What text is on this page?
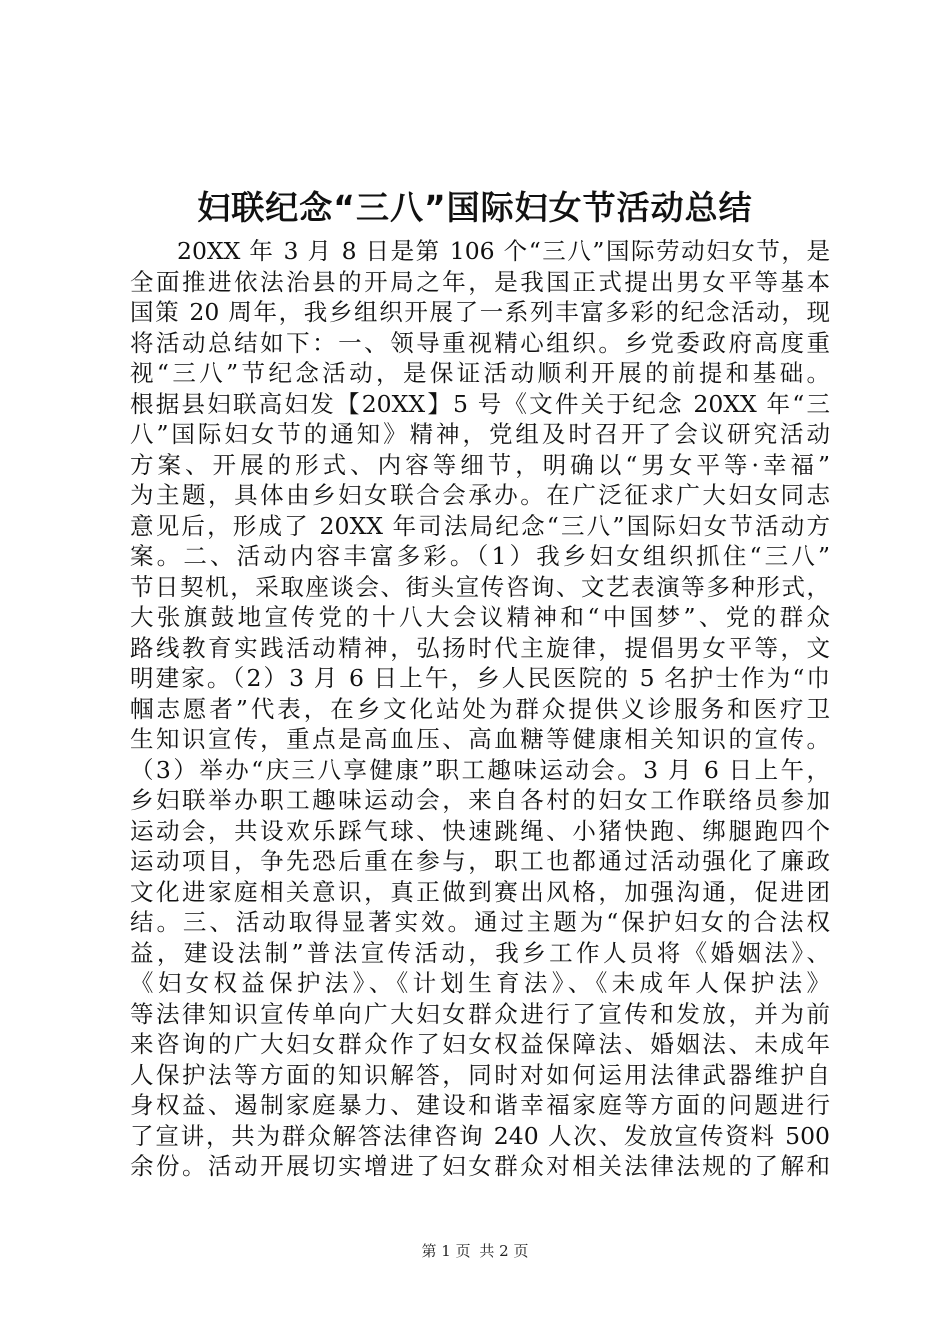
妇联纪念“三八”国际妇女节活动总结
20XX 年 3 月 8 日是第 106 个“三八”国际劳动妇女节，是
全面推进依法治县的开局之年，是我国正式提出男女平等基本
国策 20 周年，我乡组织开展了一系列丰富多彩的纪念活动，现
将活动总结如下：一、领导重视精心组织。乡党委政府高度重
视“三八”节纪念活动，是保证活动顺利开展的前提和基础。
根据县妇联高妇发【20XX】5 号《文件关于纪念 20XX 年“三
八”国际妇女节的通知》精神，党组及时召开了会议研究活动
方案、开展的形式、内容等细节，明确以“男女平等·幸福”
为主题，具体由乡妇女联合会承办。在广泛征求广大妇女同志
意见后，形成了 20XX 年司法局纪念“三八”国际妇女节活动方
案。二、活动内容丰富多彩。（1）我乡妇女组织抓住“三八”
节日契机，采取座谈会、街头宣传咨询、文艺表演等多种形式，
大张旗鼓地宣传党的十八大会议精神和“中国梦”、党的群众
路线教育实践活动精神，弘扬时代主旋律，提倡男女平等，文
明建家。（2）3 月 6 日上午，乡人民医院的 5 名护士作为“巾
帼志愿者”代表，在乡文化站处为群众提供义诊服务和医疗卫
生知识宣传，重点是高血压、高血糖等健康相关知识的宣传。
（3）举办“庆三八享健康”职工趣味运动会。3 月 6 日上午，
乡妇联举办职工趣味运动会，来自各村的妇女工作联络员参加
运动会，共设欢乐踩气球、快速跳绳、小猪快跑、绑腿跑四个
运动项目，争先恐后重在参与，职工也都通过活动强化了廉政
文化进家庭相关意识，真正做到赛出风格，加强沟通，促进团
结。三、活动取得显著实效。通过主题为“保护妇女的合法权
益，建设法制”普法宣传活动，我乡工作人员将《婚姻法》、
《妇女权益保护法》、《计划生育法》、《未成年人保护法》
等法律知识宣传单向广大妇女群众进行了宣传和发放，并为前
来咨询的广大妇女群众作了妇女权益保障法、婚姻法、未成年
人保护法等方面的知识解答，同时对如何运用法律武器维护自
身权益、遏制家庭暴力、建设和谐幸福家庭等方面的问题进行
了宣讲，共为群众解答法律咨询 240 人次、发放宣传资料 500
余份。活动开展切实增进了妇女群众对相关法律法规的了解和
第 1 页 共 2 页
